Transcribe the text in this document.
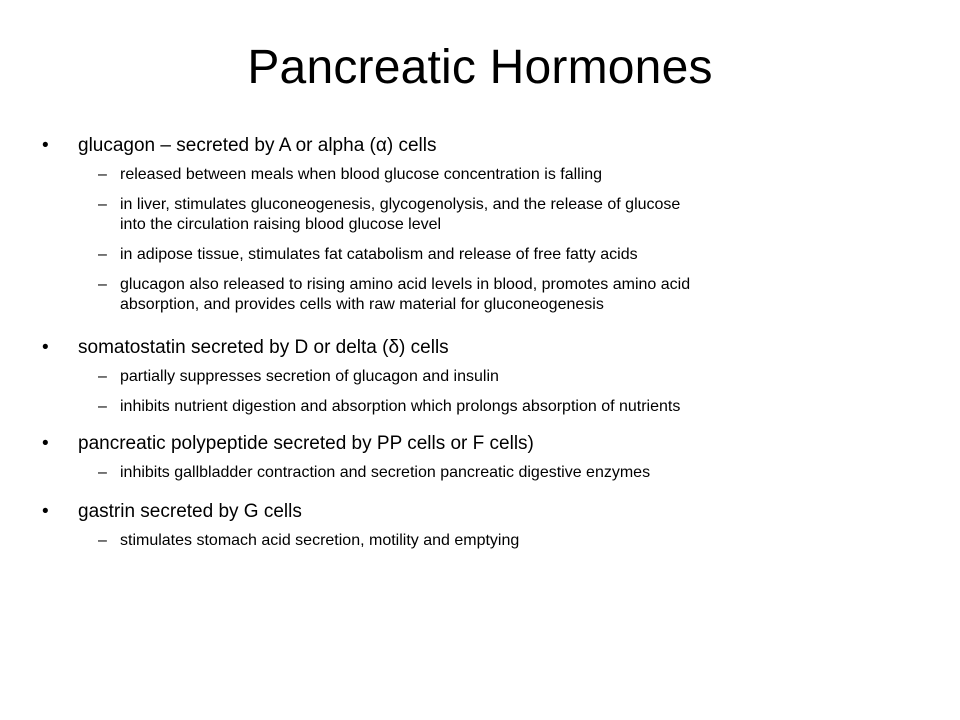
Pancreatic Hormones
•	glucagon – secreted by A or alpha (α) cells
– released between meals when blood glucose concentration is falling
– in liver, stimulates gluconeogenesis, glycogenolysis, and the release of glucose
into the circulation raising blood glucose level
– in adipose tissue, stimulates fat catabolism and release of free fatty acids
– glucagon also released to rising amino acid levels in blood, promotes amino acid
absorption, and provides cells with raw material for gluconeogenesis
•	somatostatin secreted by D or delta (δ) cells
– partially suppresses secretion of glucagon and insulin
– inhibits nutrient digestion and absorption which prolongs absorption of nutrients
•	pancreatic polypeptide secreted by PP cells or F cells)
– inhibits gallbladder contraction and secretion pancreatic digestive enzymes
•	gastrin secreted by G cells
– stimulates stomach acid secretion, motility and emptying
